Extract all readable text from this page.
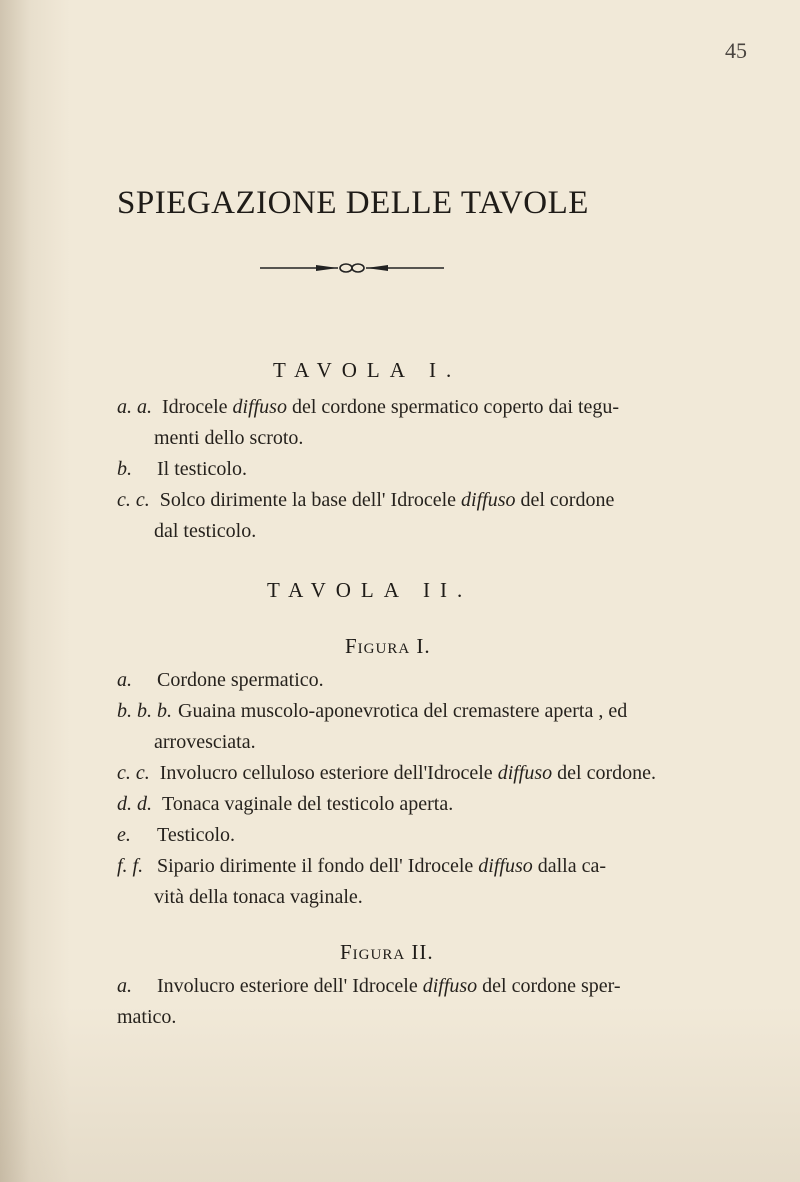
45
SPIEGAZIONE DELLE TAVOLE
TAVOLA I.
a. a. Idrocele diffuso del cordone spermatico coperto dai tegu-
menti dello scroto.
b. Il testicolo.
c. c. Solco dirimente la base dell' Idrocele diffuso del cordone
dal testicolo.
TAVOLA II.
Figura I.
a. Cordone spermatico.
b. b. b. Guaina muscolo-aponevrotica del cremastere aperta , ed
arrovesciata.
c. c. Involucro celluloso esteriore dell'Idrocele diffuso del cordone.
d. d. Tonaca vaginale del testicolo aperta.
e. Testicolo.
f. f. Sipario dirimente il fondo dell' Idrocele diffuso dalla ca-
vità della tonaca vaginale.
Figura II.
a. Involucro esteriore dell' Idrocele diffuso del cordone sper-
matico.
